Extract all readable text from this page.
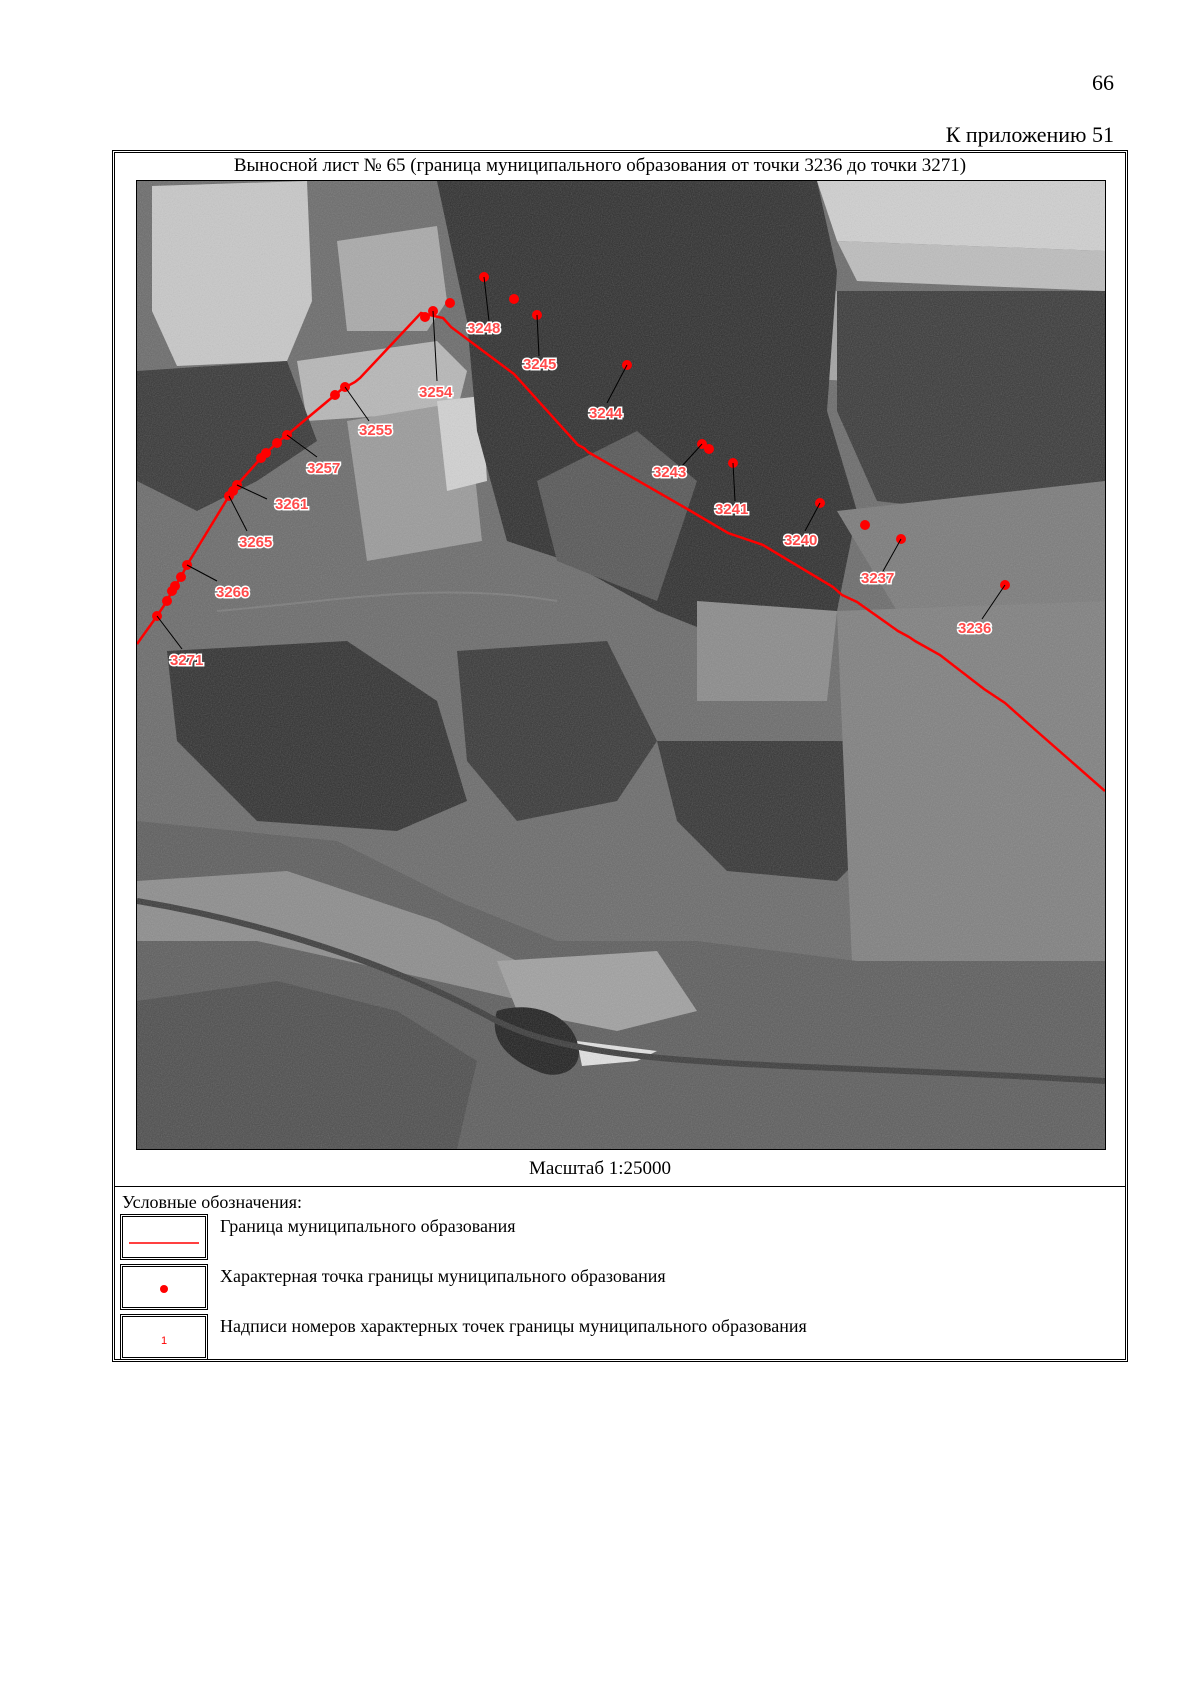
66
К приложению 51
Выносной лист № 65 (граница муниципального образования от точки 3236 до точки 3271)
3271
3266
3265
3261
3257
3255
3254
3248
3245
3244
3243
3241
3240
3237
3236
Масштаб 1:25000
Условные обозначения:
Граница муниципального образования
Характерная точка границы муниципального образования
1
Надписи номеров характерных точек границы муниципального образования
